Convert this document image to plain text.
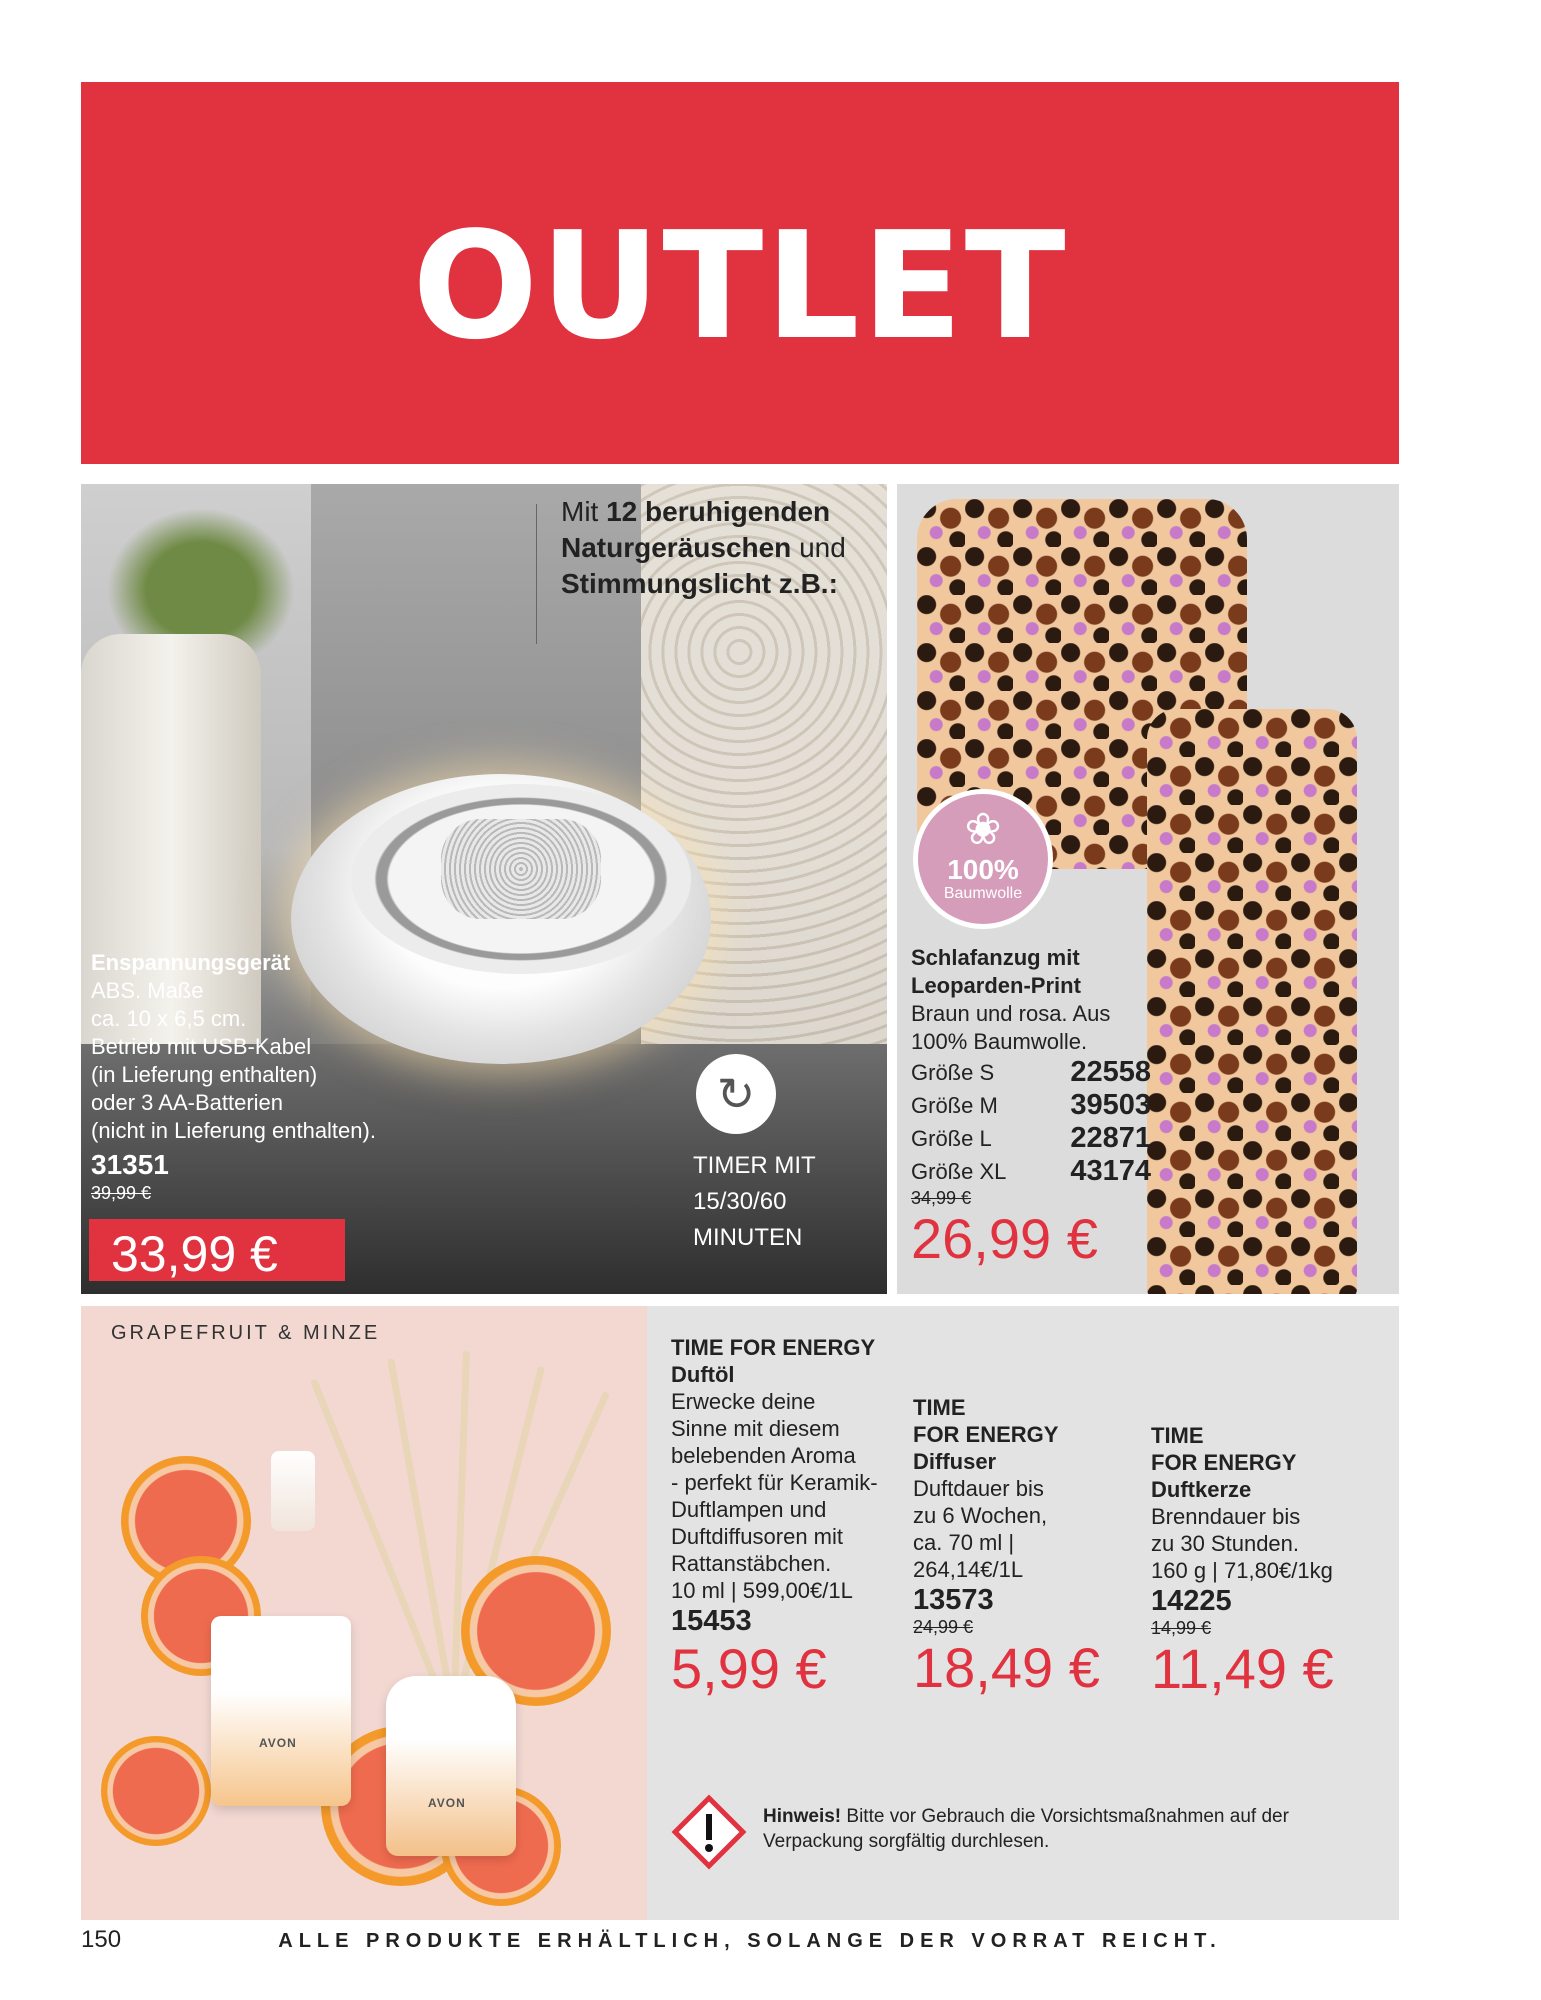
OUTLET
Mit 12 beruhigenden Naturgeräuschen und Stimmungslicht z.B.:
Enspannungsgerät
ABS. Maße
ca. 10 x 6,5 cm.
Betrieb mit USB-Kabel
(in Lieferung enthalten)
oder 3 AA-Batterien
(nicht in Lieferung enthalten).
31351
39,99 €
33,99 €
↻
TIMER MIT
15/30/60
MINUTEN
❀
100%
Baumwolle
Schlafanzug mit
Leoparden-Print
Braun und rosa. Aus
100% Baumwolle.
Größe S	22558
Größe M	39503
Größe L	22871
Größe XL 43174
34,99 €
26,99 €
GRAPEFRUIT & MINZE
AVON
AVON
TIME FOR ENERGY
Duftöl
Erwecke deine
Sinne mit diesem
belebenden Aroma
- perfekt für Keramik-
Duftlampen und
Duftdiffusoren mit
Rattanstäbchen.
10 ml | 599,00€/1L
15453
5,99 €
TIME
FOR ENERGY
Diffuser
Duftdauer bis
zu 6 Wochen,
ca. 70 ml |
264,14€/1L
13573
24,99 €
18,49 €
TIME
FOR ENERGY
Duftkerze
Brenndauer bis
zu 30 Stunden.
160 g | 71,80€/1kg
14225
14,99 €
11,49 €
Hinweis! Bitte vor Gebrauch die Vorsichtsmaßnahmen auf der Verpackung sorgfältig durchlesen.
150	ALLE PRODUKTE ERHÄLTLICH, SOLANGE DER VORRAT REICHT.
